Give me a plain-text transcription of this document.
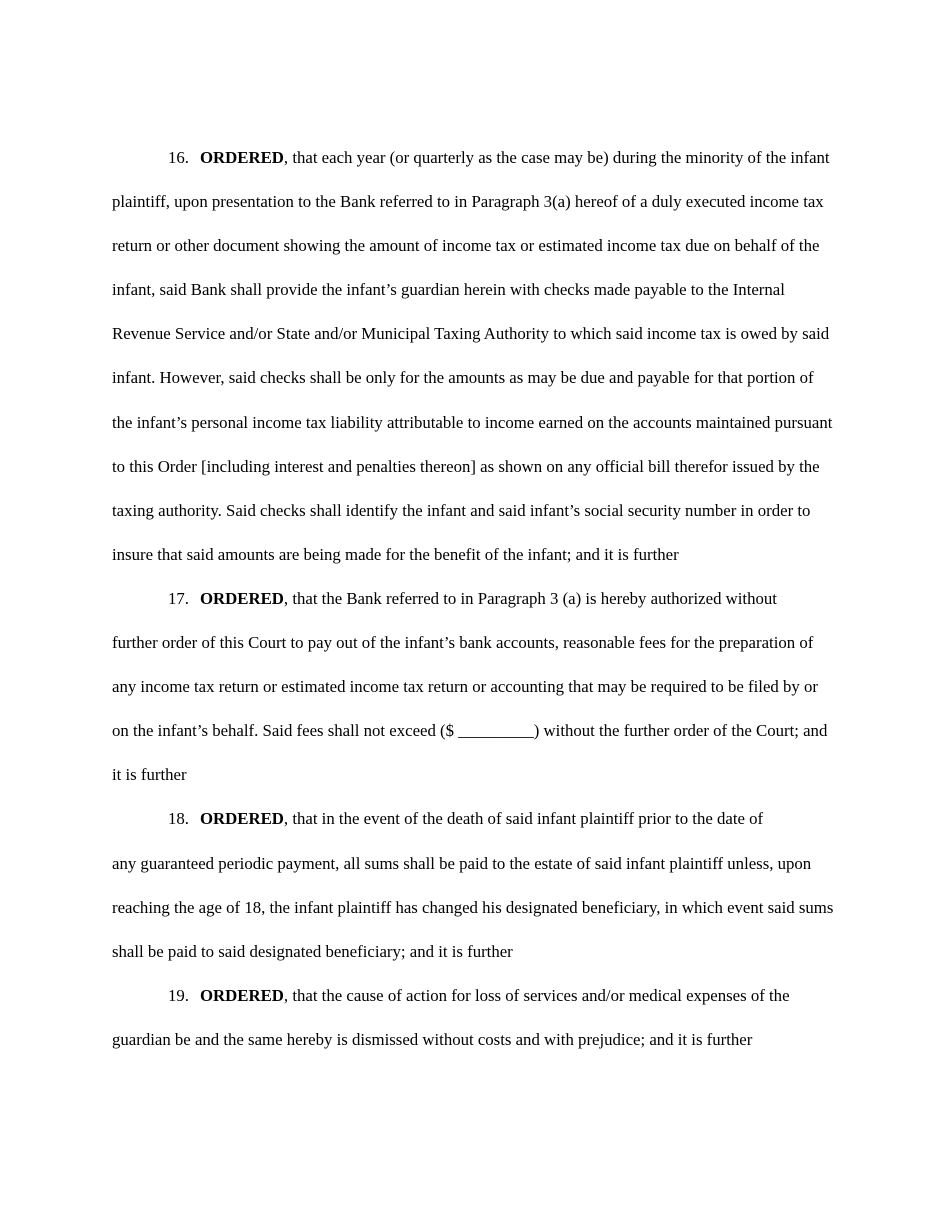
16. ORDERED, that each year (or quarterly as the case may be) during the minority of the infant
plaintiff, upon presentation to the Bank referred to in Paragraph 3(a) hereof of a duly executed income tax
return or other document showing the amount of income tax or estimated income tax due on behalf of the
infant, said Bank shall provide the infant’s guardian herein with checks made payable to the Internal
Revenue Service and/or State and/or Municipal Taxing Authority to which said income tax is owed by said
infant. However, said checks shall be only for the amounts as may be due and payable for that portion of
the infant’s personal income tax liability attributable to income earned on the accounts maintained pursuant
to this Order [including interest and penalties thereon] as shown on any official bill therefor issued by the
taxing authority. Said checks shall identify the infant and said infant’s social security number in order to
insure that said amounts are being made for the benefit of the infant; and it is further
17. ORDERED, that the Bank referred to in Paragraph 3 (a) is hereby authorized without
further order of this Court to pay out of the infant’s bank accounts, reasonable fees for the preparation of
any income tax return or estimated income tax return or accounting that may be required to be filed by or
on the infant’s behalf. Said fees shall not exceed ($ _________) without the further order of the Court; and
it is further
18. ORDERED, that in the event of the death of said infant plaintiff prior to the date of
any guaranteed periodic payment, all sums shall be paid to the estate of said infant plaintiff unless, upon
reaching the age of 18, the infant plaintiff has changed his designated beneficiary, in which event said sums
shall be paid to said designated beneficiary; and it is further
19. ORDERED, that the cause of action for loss of services and/or medical expenses of the
guardian be and the same hereby is dismissed without costs and with prejudice; and it is further
